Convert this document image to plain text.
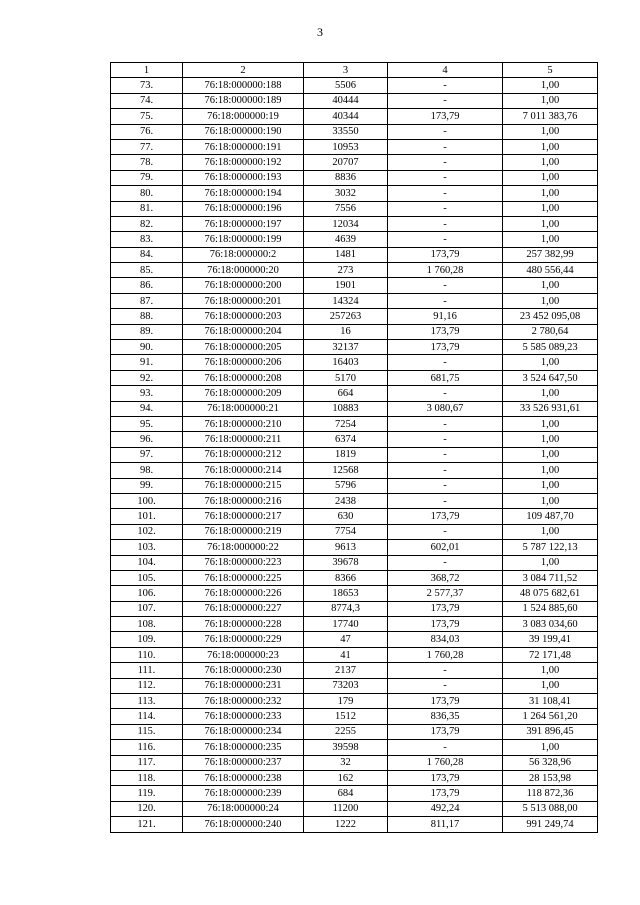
3
1	2	3	4	5
73.	76:18:000000:188	5506	-	1,00
74.	76:18:000000:189	40444	-	1,00
75.	76:18:000000:19	40344	173,79	7 011 383,76
76.	76:18:000000:190	33550	-	1,00
77.	76:18:000000:191	10953	-	1,00
78.	76:18:000000:192	20707	-	1,00
79.	76:18:000000:193	8836	-	1,00
80.	76:18:000000:194	3032	-	1,00
81.	76:18:000000:196	7556	-	1,00
82.	76:18:000000:197	12034	-	1,00
83.	76:18:000000:199	4639	-	1,00
84.	76:18:000000:2	1481	173,79	257 382,99
85.	76:18:000000:20	273	1 760,28	480 556,44
86.	76:18:000000:200	1901	-	1,00
87.	76:18:000000:201	14324	-	1,00
88.	76:18:000000:203	257263	91,16	23 452 095,08
89.	76:18:000000:204	16	173,79	2 780,64
90.	76:18:000000:205	32137	173,79	5 585 089,23
91.	76:18:000000:206	16403	-	1,00
92.	76:18:000000:208	5170	681,75	3 524 647,50
93.	76:18:000000:209	664	-	1,00
94.	76:18:000000:21	10883	3 080,67	33 526 931,61
95.	76:18:000000:210	7254	-	1,00
96.	76:18:000000:211	6374	-	1,00
97.	76:18:000000:212	1819	-	1,00
98.	76:18:000000:214	12568	-	1,00
99.	76:18:000000:215	5796	-	1,00
100.	76:18:000000:216	2438	-	1,00
101.	76:18:000000:217	630	173,79	109 487,70
102.	76:18:000000:219	7754	-	1,00
103.	76:18:000000:22	9613	602,01	5 787 122,13
104.	76:18:000000:223	39678	-	1,00
105.	76:18:000000:225	8366	368,72	3 084 711,52
106.	76:18:000000:226	18653	2 577,37	48 075 682,61
107.	76:18:000000:227	8774,3	173,79	1 524 885,60
108.	76:18:000000:228	17740	173,79	3 083 034,60
109.	76:18:000000:229	47	834,03	39 199,41
110.	76:18:000000:23	41	1 760,28	72 171,48
111.	76:18:000000:230	2137	-	1,00
112.	76:18:000000:231	73203	-	1,00
113.	76:18:000000:232	179	173,79	31 108,41
114.	76:18:000000:233	1512	836,35	1 264 561,20
115.	76:18:000000:234	2255	173,79	391 896,45
116.	76:18:000000:235	39598	-	1,00
117.	76:18:000000:237	32	1 760,28	56 328,96
118.	76:18:000000:238	162	173,79	28 153,98
119.	76:18:000000:239	684	173,79	118 872,36
120.	76:18:000000:24	11200	492,24	5 513 088,00
121.	76:18:000000:240	1222	811,17	991 249,74
